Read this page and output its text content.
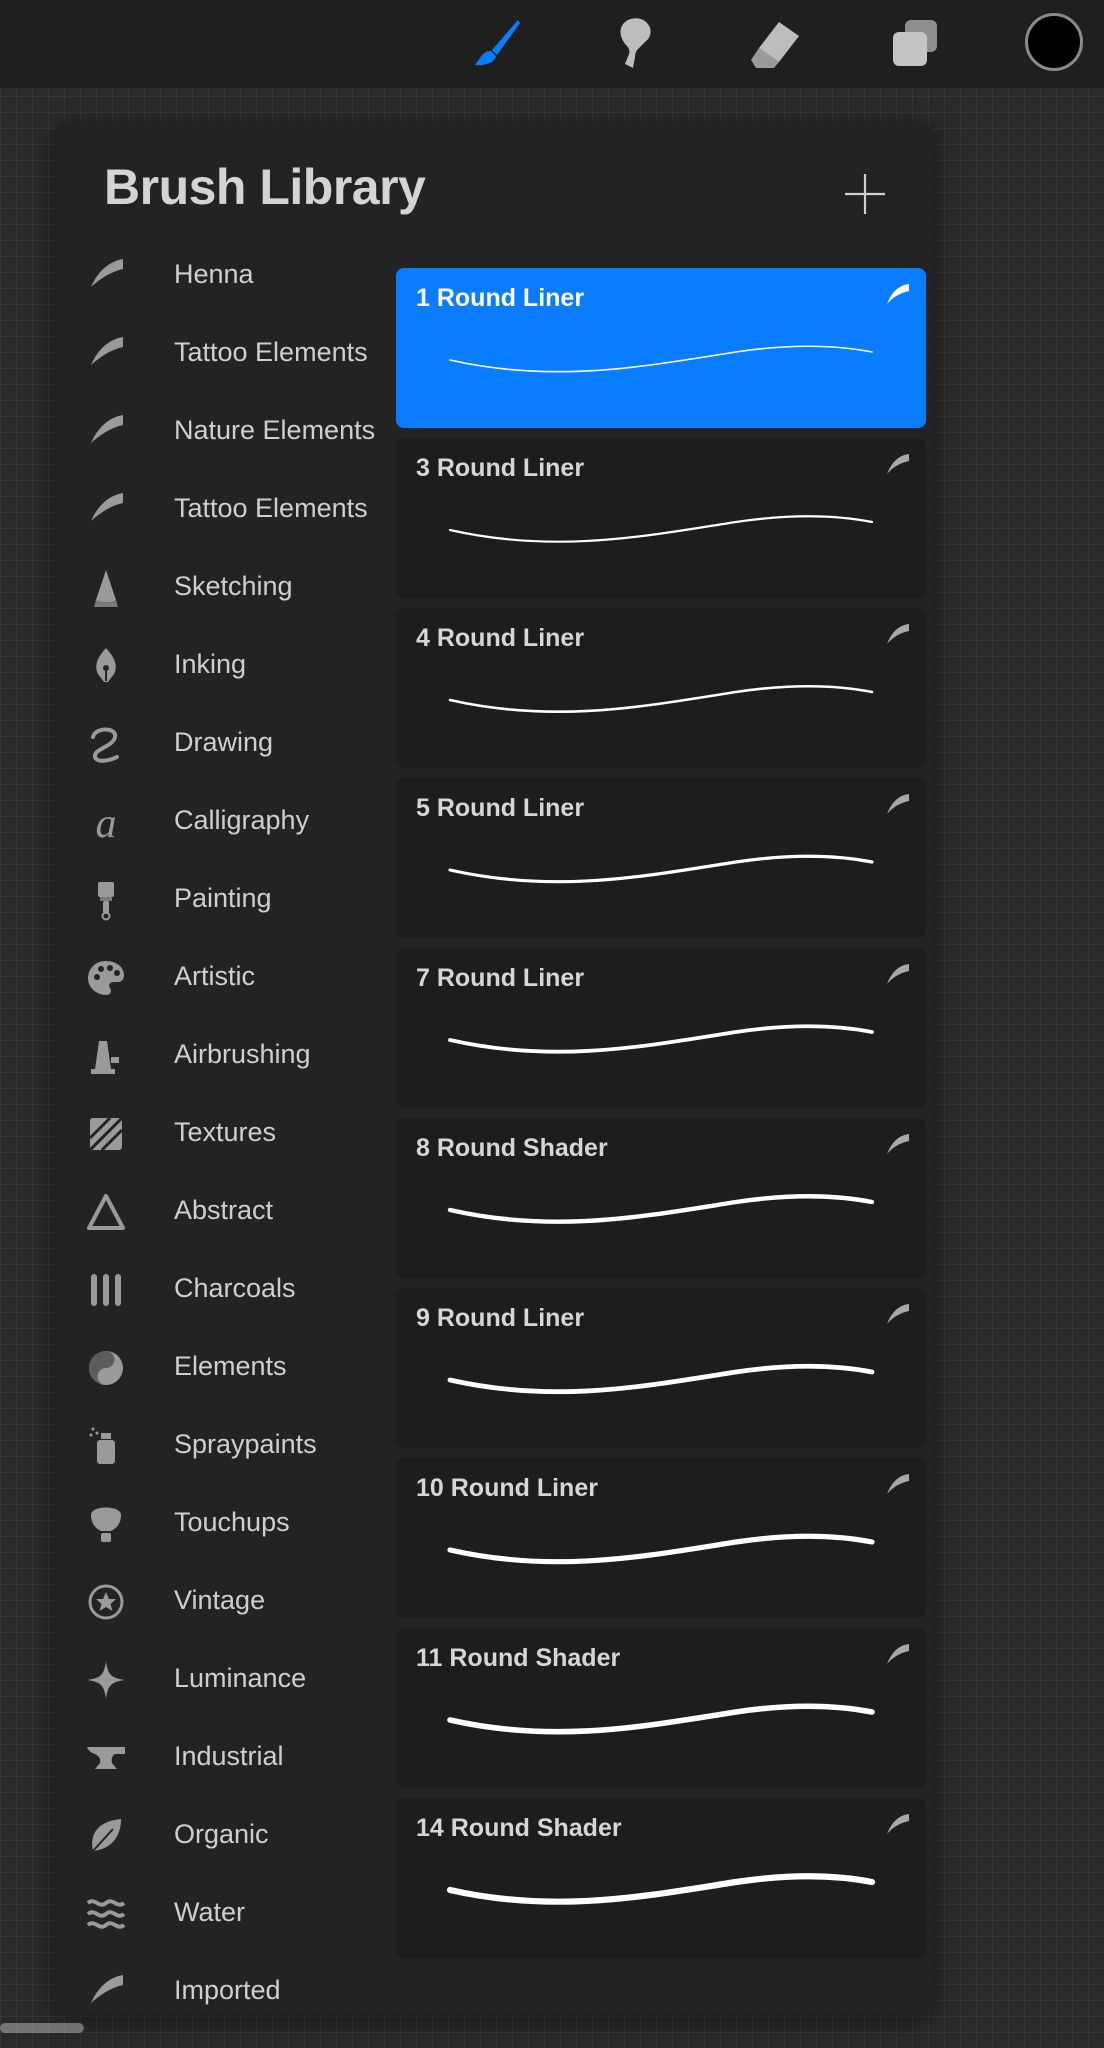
Brush Library
Henna
Tattoo Elements
Nature Elements
Tattoo Elements
Sketching
Inking
Drawing
a Calligraphy
Painting
Artistic
Airbrushing
Textures
Abstract
Charcoals
Elements
Spraypaints
Touchups
Vintage
Luminance
Industrial
Organic
Water
Imported
1 Round Liner
3 Round Liner
4 Round Liner
5 Round Liner
7 Round Liner
8 Round Shader
9 Round Liner
10 Round Liner
11 Round Shader
14 Round Shader
